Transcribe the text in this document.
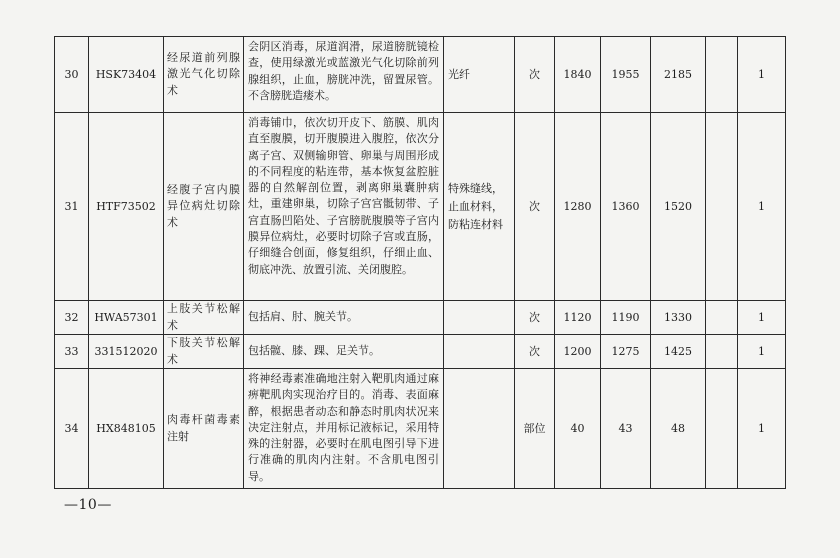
30	HSK73404	经尿道前列腺激光气化切除术	会阴区消毒，尿道润滑，尿道膀胱镜检查，使用绿激光或蓝激光气化切除前列腺组织，止血，膀胱冲洗，留置尿管。不含膀胱造瘘术。	光纤	次	1840	1955	2185		1
31	HTF73502	经腹子宫内膜异位病灶切除术	消毒铺巾，依次切开皮下、筋膜、肌肉直至腹膜，切开腹膜进入腹腔，依次分离子宫、双侧输卵管、卵巢与周围形成的不同程度的粘连带，基本恢复盆腔脏器的自然解剖位置，剥离卵巢囊肿病灶，重建卵巢，切除子宫宫骶韧带、子宫直肠凹陷处、子宫膀胱腹膜等子宫内膜异位病灶，必要时切除子宫或直肠，仔细缝合创面，修复组织，仔细止血、彻底冲洗、放置引流、关闭腹腔。	特殊缝线，止血材料，防粘连材料	次	1280	1360	1520		1
32	HWA57301	上肢关节松解术	包括肩、肘、腕关节。		次	1120	1190	1330		1
33	331512020	下肢关节松解术	包括髋、膝、踝、足关节。		次	1200	1275	1425		1
34	HX848105	肉毒杆菌毒素注射	将神经毒素准确地注射入靶肌肉通过麻痹靶肌肉实现治疗目的。消毒、表面麻醉，根据患者动态和静态时肌肉状况来决定注射点，并用标记液标记，采用特殊的注射器，必要时在肌电图引导下进行准确的肌肉内注射。不含肌电图引导。		部位	40	43	48		1
—10—
